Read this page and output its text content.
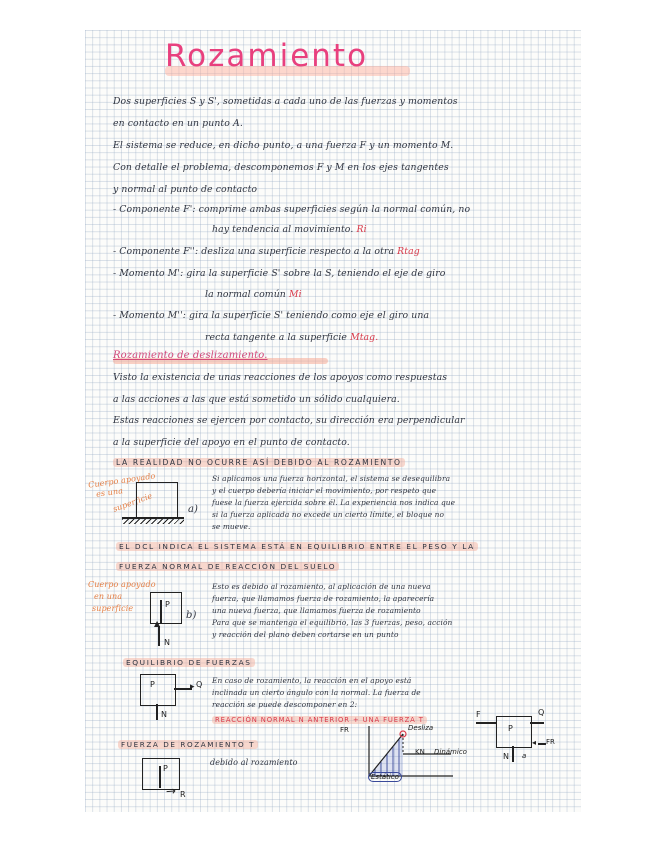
Rozamiento
Dos superficies S y S', sometidas a cada uno de las fuerzas y momentos
en contacto en un punto A.
El sistema se reduce, en dicho punto, a una fuerza F y un momento M.
Con detalle el problema, descomponemos F y M en los ejes tangentes
y normal al punto de contacto
- Componente F': comprime ambas superficies según la normal común, no
hay tendencia al movimiento. Ri
- Componente F'': desliza una superficie respecto a la otra Rtag
- Momento M': gira la superficie S' sobre la S, teniendo el eje de giro
la normal común Mi
- Momento M'': gira la superficie S' teniendo como eje el giro una
recta tangente a la superficie Mtag.
Rozamiento de deslizamiento.
Visto la existencia de unas reacciones de los apoyos como respuestas
a las acciones a las que está sometido un sólido cualquiera.
Estas reacciones se ejercen por contacto, su dirección era perpendicular
a la superficie del apoyo en el punto de contacto.
LA REALIDAD NO OCURRE ASÍ DEBIDO AL ROZAMIENTO
Cuerpo apoyado
es una
superficie	a)
Si aplicamos una fuerza horizontal, el sistema se desequilibra
y el cuerpo debería iniciar el movimiento, por respeto que
fuese la fuerza ejercida sobre él. La experiencia nos indica que
si la fuerza aplicada no excede un cierto límite, el bloque no
se mueve.
EL DCL INDICA EL SISTEMA ESTÁ EN EQUILIBRIO ENTRE EL PESO Y LA
FUERZA NORMAL DE REACCIÓN DEL SUELO
Cuerpo apoyado
en una
superficie	P
▲
N
b)
Esto es debido al rozamiento, al aplicación de una nueva
fuerza, que llamamos fuerza de rozamiento, la aparecería
una nueva fuerza, que llamamos fuerza de rozamiento
Para que se mantenga el equilibrio, las 3 fuerzas, peso, acción
y reacción del plano deben cortarse en un punto
EQUILIBRIO DE FUERZAS
P	▸ Q
N
En caso de rozamiento, la reacción en el apoyo está
inclinada un cierto ángulo con la normal. La fuerza de
reacción se puede descomponer en 2:
REACCIÓN NORMAL N ANTERIOR + UNA FUERZA T
FUERZA DE ROZAMIENTO T
P
↗ R
debido al rozamiento
FR	Desliza
KN Dinámico
Estático
F
P
Q
◂ FR
N a
